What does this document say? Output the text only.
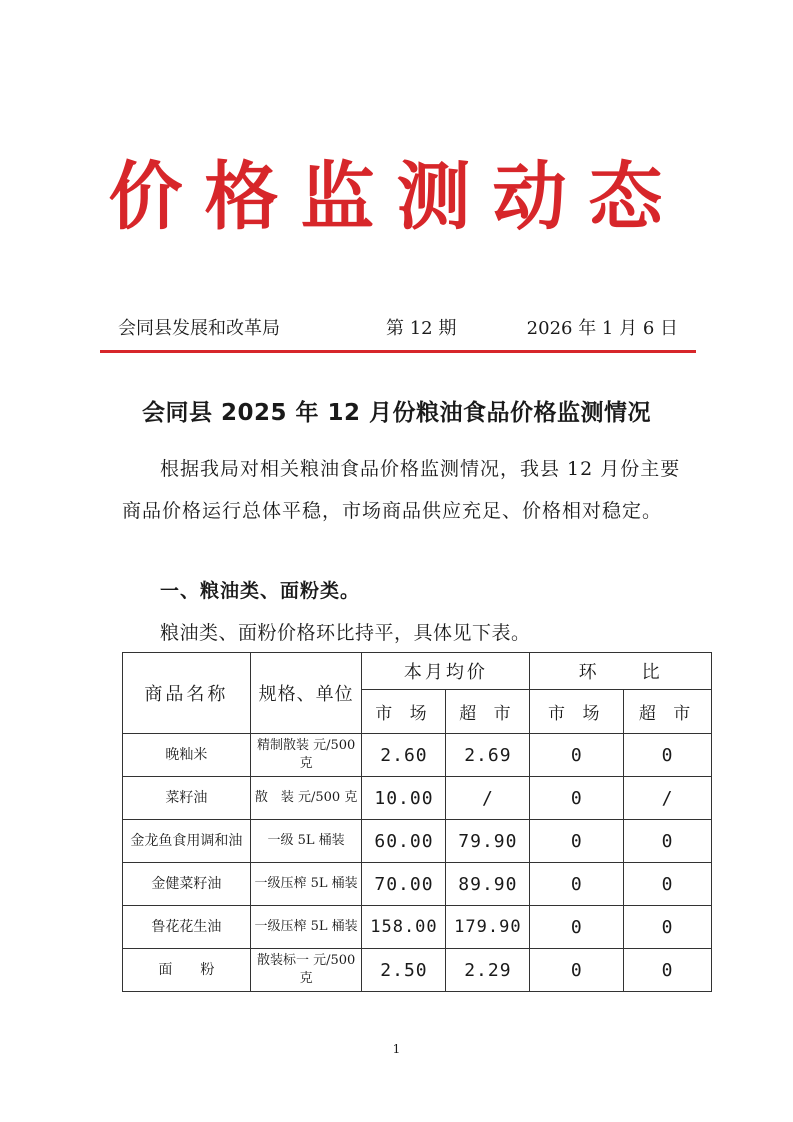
价格监测动态
会同县发展和改革局	第 12 期	2026 年 1 月 6 日
会同县 2025 年 12 月份粮油食品价格监测情况
根据我局对相关粮油食品价格监测情况，我县 12 月份主要商品价格运行总体平稳，市场商品供应充足、价格相对稳定。
一、粮油类、面粉类。
粮油类、面粉价格环比持平，具体见下表。
商品名称	规格、单位	本月均价		环　　比	
		市 场	超 市	市 场	超 市
晚籼米	精制散装 元/500 克	2.60	2.69	0	0
菜籽油	散　装 元/500 克	10.00	/	0	/
金龙鱼食用调和油	一级 5L 桶装	60.00	79.90	0	0
金健菜籽油	一级压榨 5L 桶装	70.00	89.90	0	0
鲁花花生油	一级压榨 5L 桶装	158.00	179.90	0	0
面　　粉	散装标一 元/500 克	2.50	2.29	0	0
1
